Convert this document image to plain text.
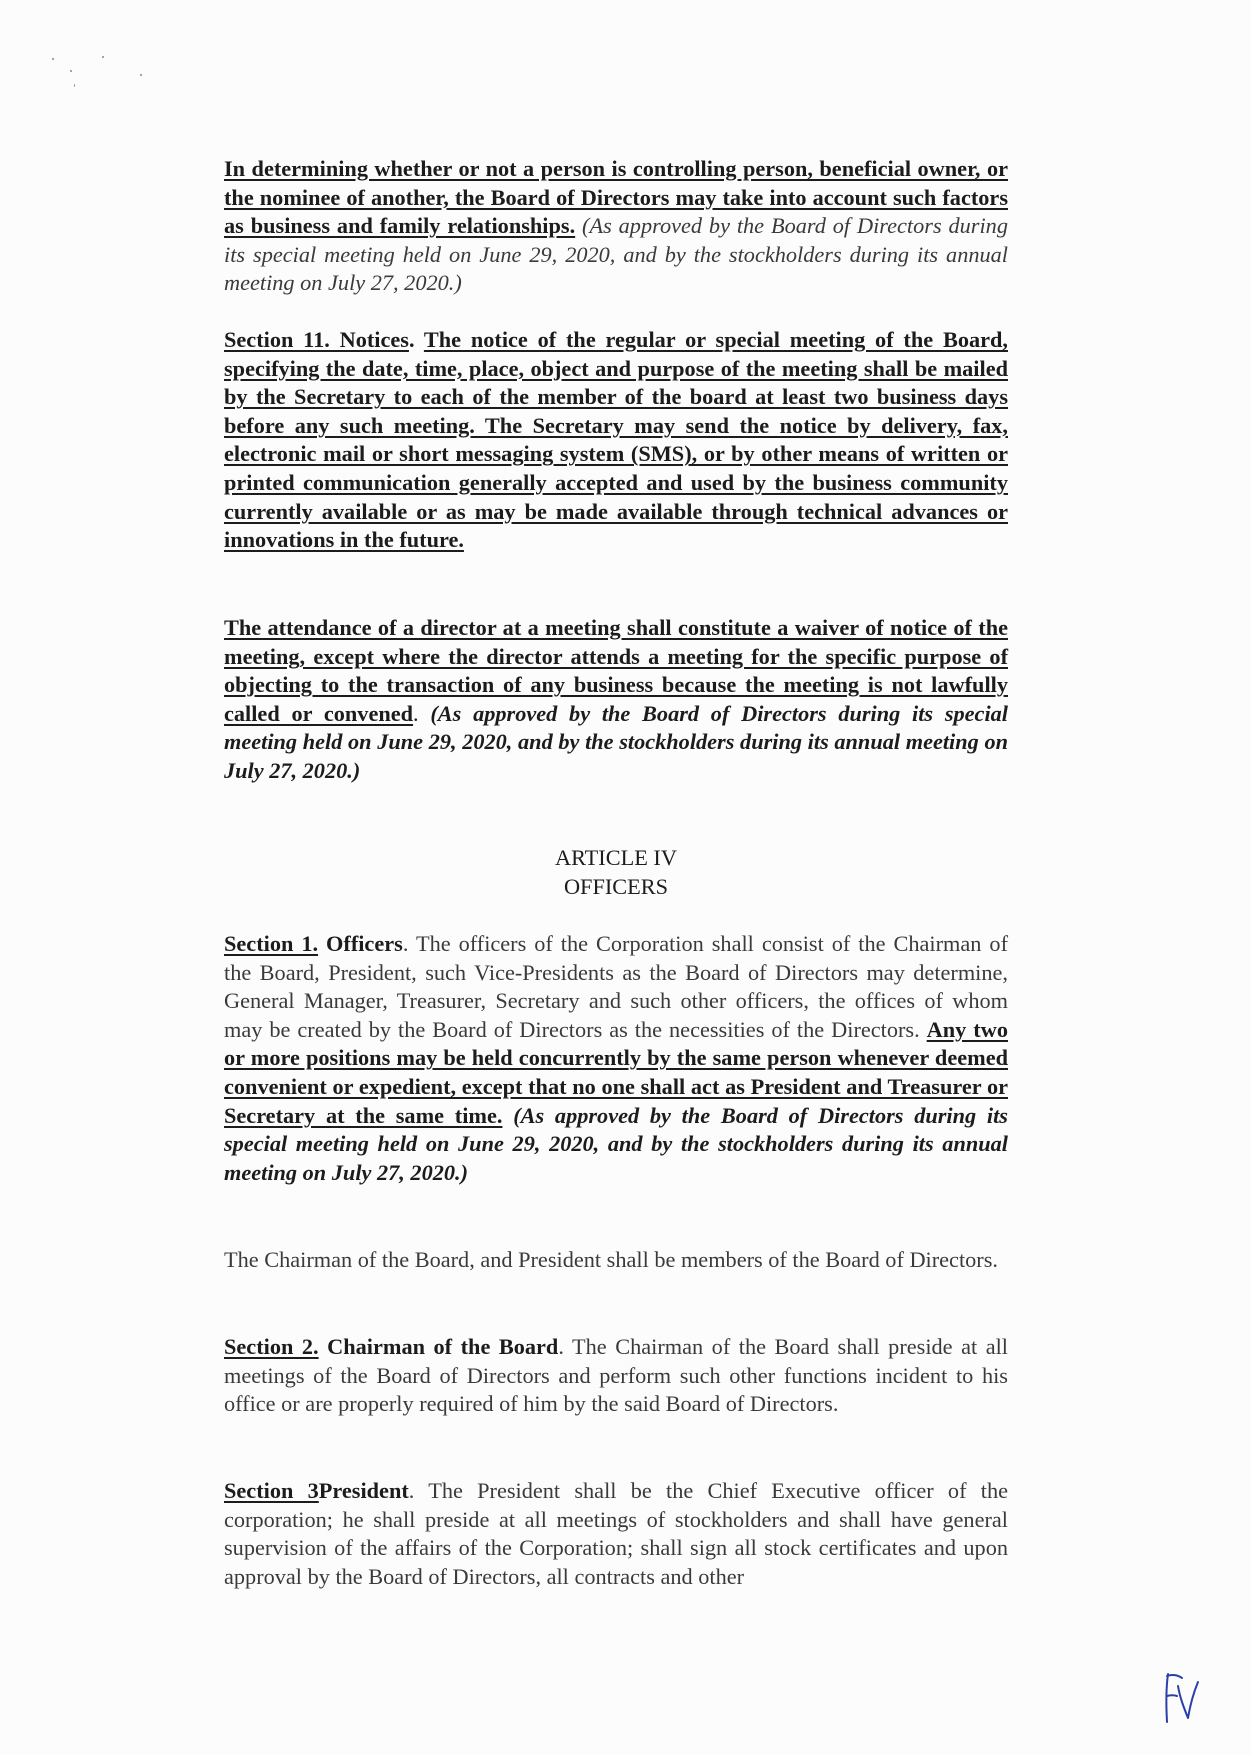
In determining whether or not a person is controlling person, beneficial owner, or the nominee of another, the Board of Directors may take into account such factors as business and family relationships. (As approved by the Board of Directors during its special meeting held on June 29, 2020, and by the stockholders during its annual meeting on July 27, 2020.)

Section 11. Notices. The notice of the regular or special meeting of the Board, specifying the date, time, place, object and purpose of the meeting shall be mailed by the Secretary to each of the member of the board at least two business days before any such meeting. The Secretary may send the notice by delivery, fax, electronic mail or short messaging system (SMS), or by other means of written or printed communication generally accepted and used by the business community currently available or as may be made available through technical advances or innovations in the future.

The attendance of a director at a meeting shall constitute a waiver of notice of the meeting, except where the director attends a meeting for the specific purpose of objecting to the transaction of any business because the meeting is not lawfully called or convened. (As approved by the Board of Directors during its special meeting held on June 29, 2020, and by the stockholders during its annual meeting on July 27, 2020.)

ARTICLE IV
OFFICERS

Section 1. Officers. The officers of the Corporation shall consist of the Chairman of the Board, President, such Vice-Presidents as the Board of Directors may determine, General Manager, Treasurer, Secretary and such other officers, the offices of whom may be created by the Board of Directors as the necessities of the Directors. Any two or more positions may be held concurrently by the same person whenever deemed convenient or expedient, except that no one shall act as President and Treasurer or Secretary at the same time. (As approved by the Board of Directors during its special meeting held on June 29, 2020, and by the stockholders during its annual meeting on July 27, 2020.)

The Chairman of the Board, and President shall be members of the Board of Directors.

Section 2. Chairman of the Board. The Chairman of the Board shall preside at all meetings of the Board of Directors and perform such other functions incident to his office or are properly required of him by the said Board of Directors.

Section 3President. The President shall be the Chief Executive officer of the corporation; he shall preside at all meetings of stockholders and shall have general supervision of the affairs of the Corporation; shall sign all stock certificates and upon approval by the Board of Directors, all contracts and other
